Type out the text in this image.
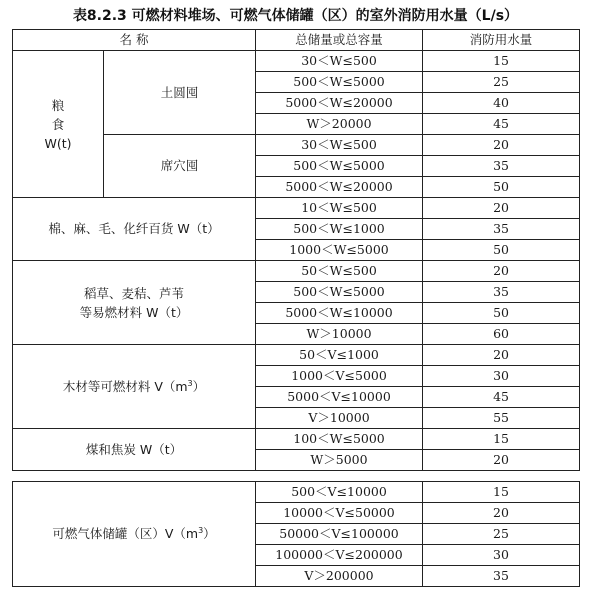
表8.2.3 可燃材料堆场、可燃气体储罐（区）的室外消防用水量（L/s）
名 称		总储量或总容量	消防用水量
粮
食
W(t)	土圆囤	30＜W≤500	15
		500＜W≤5000	25
		5000＜W≤20000	40
		W＞20000	45
	席穴囤	30＜W≤500	20
		500＜W≤5000	35
		5000＜W≤20000	50
棉、麻、毛、化纤百货 W（t）		10＜W≤500	20
		500＜W≤1000	35
		1000＜W≤5000	50
稻草、麦秸、芦苇
等易燃材料 W（t）		50＜W≤500	20
		500＜W≤5000	35
		5000＜W≤10000	50
		W＞10000	60
木材等可燃材料 $V(m^3)$		50＜V≤1000	20
		1000＜V≤5000	30
		5000＜V≤10000	45
		V＞10000	55
煤和焦炭 W（t）		100＜W≤5000	15
		W＞5000	20
可燃气体储罐（区）$V(m^3)$	500＜V≤10000	15
	10000＜V≤50000	20
	50000＜V≤100000	25
	100000＜V≤200000	30
	V＞200000	35
